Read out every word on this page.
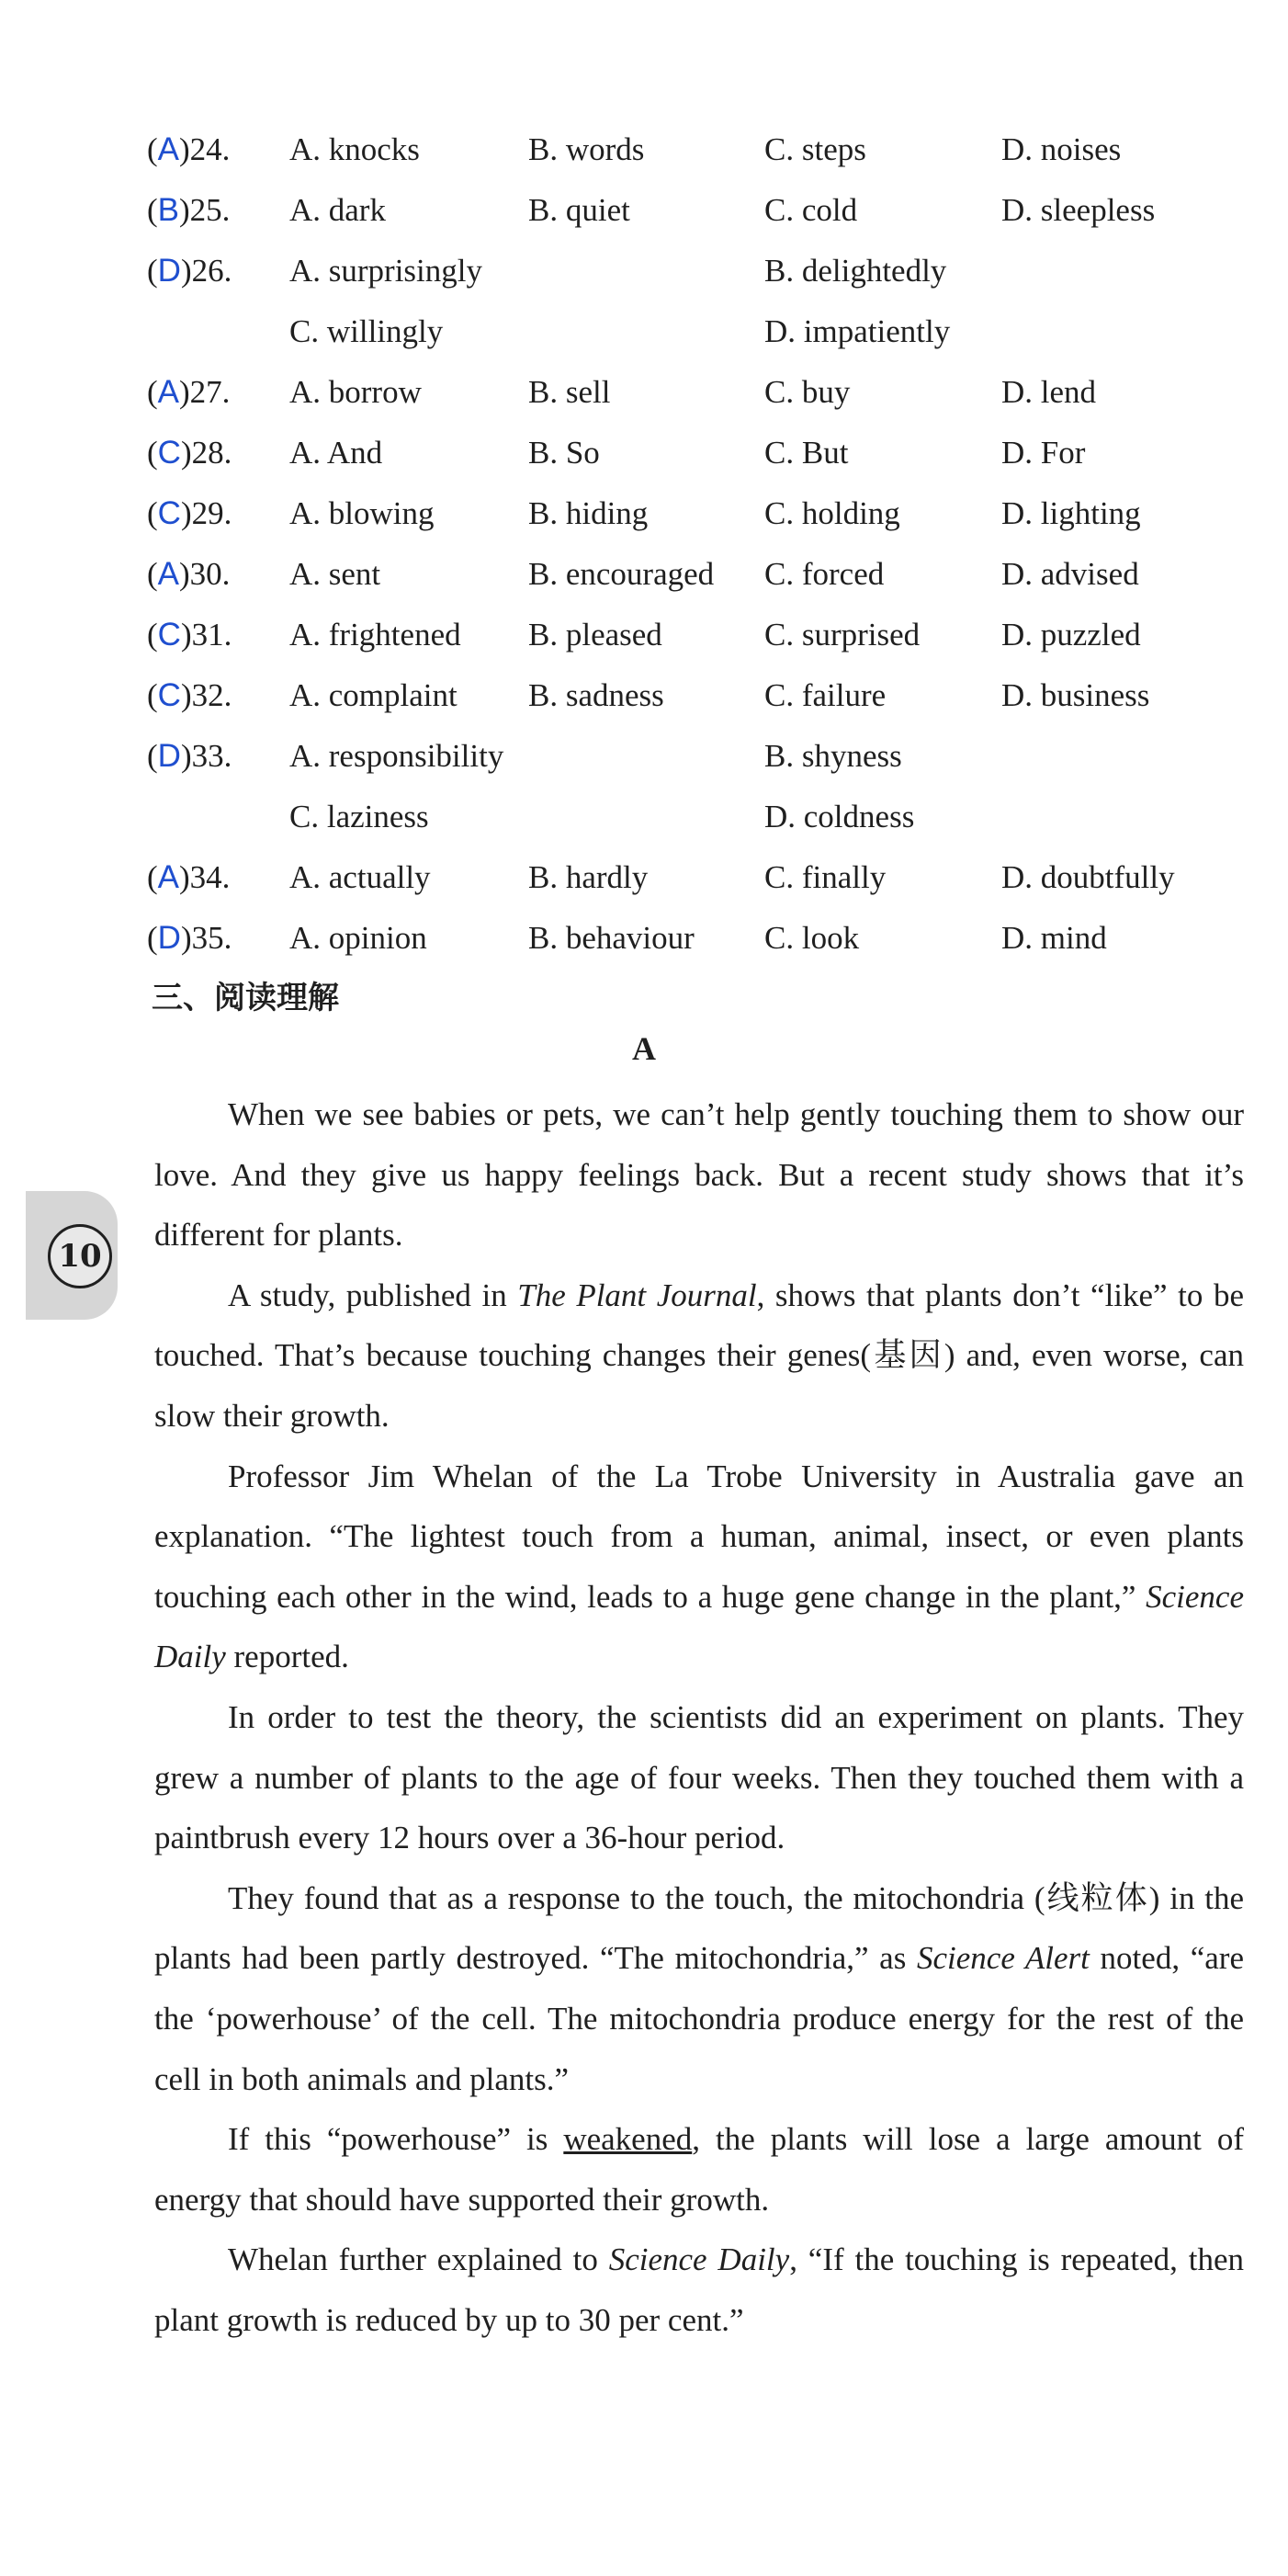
(A)24. A. knocks	B. words	C. steps	D. noises
(B)25. A. dark	B. quiet	C. cold	D. sleepless
(D)26. A. surprisingly	B. delightedly
C. willingly	D. impatiently
(A)27. A. borrow	B. sell	C. buy	D. lend
(C)28. A. And	B. So	C. But	D. For
(C)29. A. blowing	B. hiding	C. holding	D. lighting
(A)30. A. sent	B. encouraged C. forced	D. advised
(C)31. A. frightened B. pleased	C. surprised	D. puzzled
(C)32. A. complaint B. sadness	C. failure	D. business
(D)33. A. responsibility	B. shyness
C. laziness	D. coldness
(A)34. A. actually	B. hardly	C. finally	D. doubtfully
(D)35. A. opinion	B. behaviour C. look	D. mind
三、阅读理解
A
10

When we see babies or pets, we can’t help gently touching them to show our love. And they give us happy feelings back. But a recent study shows that it’s different for plants.

A study, published in The Plant Journal, shows that plants don’t “like” to be touched. That’s because touching changes their genes(基因) and, even worse, can slow their growth.

Professor Jim Whelan of the La Trobe University in Australia gave an explanation. “The lightest touch from a human, animal, insect, or even plants touching each other in the wind, leads to a huge gene change in the plant,” Science Daily reported.

In order to test the theory, the scientists did an experiment on plants. They grew a number of plants to the age of four weeks. Then they touched them with a paintbrush every 12 hours over a 36-hour period.

They found that as a response to the touch, the mitochondria (线粒体) in the plants had been partly destroyed. “The mitochondria,” as Science Alert noted, “are the ‘powerhouse’ of the cell. The mitochondria produce energy for the rest of the cell in both animals and plants.”

If this “powerhouse” is weakened, the plants will lose a large amount of energy that should have supported their growth.

Whelan further explained to Science Daily, “If the touching is repeated, then plant growth is reduced by up to 30 per cent.”
